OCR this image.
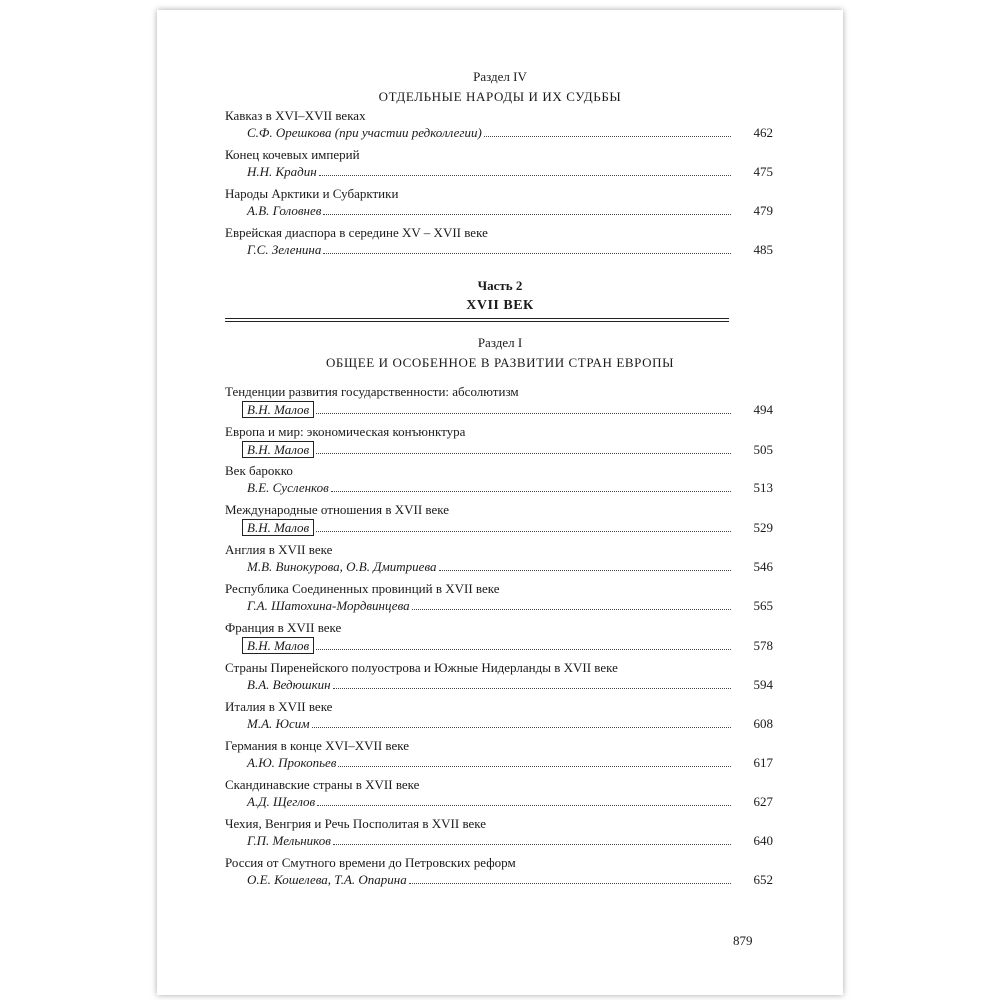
Раздел IV
ОТДЕЛЬНЫЕ НАРОДЫ И ИХ СУДЬБЫ
Кавказ в XVI–XVII веках
С.Ф. Орешкова (при участии редколлегии)	462
Конец кочевых империй
Н.Н. Крадин	475
Народы Арктики и Субарктики
А.В. Головнев	479
Еврейская диаспора в середине XV – XVII веке
Г.С. Зеленина	485
Часть 2
XVII ВЕК
Раздел I
ОБЩЕЕ И ОСОБЕННОЕ В РАЗВИТИИ СТРАН ЕВРОПЫ
Тенденции развития государственности: абсолютизм
В.Н. Малов	494
Европа и мир: экономическая конъюнктура
В.Н. Малов	505
Век барокко
В.Е. Сусленков	513
Международные отношения в XVII веке
В.Н. Малов	529
Англия в XVII веке
М.В. Винокурова, О.В. Дмитриева	546
Республика Соединенных провинций в XVII веке
Г.А. Шатохина-Мордвинцева	565
Франция в XVII веке
В.Н. Малов	578
Страны Пиренейского полуострова и Южные Нидерланды в XVII веке
В.А. Ведюшкин	594
Италия в XVII веке
М.А. Юсим	608
Германия в конце XVI–XVII веке
А.Ю. Прокопьев	617
Скандинавские страны в XVII веке
А.Д. Щеглов	627
Чехия, Венгрия и Речь Посполитая в XVII веке
Г.П. Мельников	640
Россия от Смутного времени до Петровских реформ
О.Е. Кошелева, Т.А. Опарина	652
879
